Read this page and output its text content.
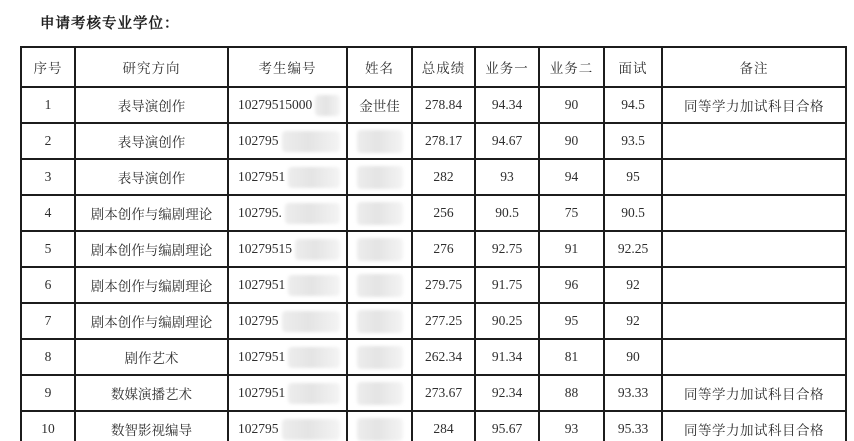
申请考核专业学位：
序号	研究方向	考生编号	姓名	总成绩	业务一	业务二	面试	备注
1	表导演创作	10279515000	金世佳	278.84	94.34	90	94.5	同等学力加试科目合格
2	表导演创作	102795		278.17	94.67	90	93.5	
3	表导演创作	1027951		282	93	94	95	
4	剧本创作与编剧理论	102795.		256	90.5	75	90.5	
5	剧本创作与编剧理论	10279515		276	92.75	91	92.25	
6	剧本创作与编剧理论	1027951		279.75	91.75	96	92	
7	剧本创作与编剧理论	102795		277.25	90.25	95	92	
8	剧作艺术	1027951		262.34	91.34	81	90	
9	数媒演播艺术	1027951		273.67	92.34	88	93.33	同等学力加试科目合格
10	数智影视编导	102795		284	95.67	93	95.33	同等学力加试科目合格
